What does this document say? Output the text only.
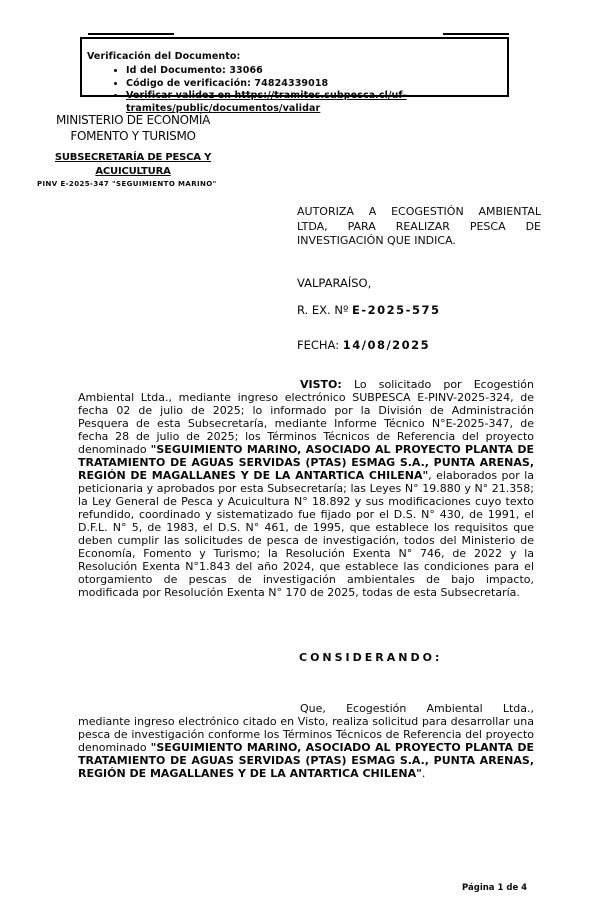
Verificación del Documento:
• Id del Documento: 33066
• Código de verificación: 74824339018
• Verificar validez en https://tramites.subpesca.cl/uf-tramites/public/documentos/validar
MINISTERIO DE ECONOMÍA
FOMENTO Y TURISMO
SUBSECRETARÍA DE PESCA Y
ACUICULTURA
PINV E-2025-347 "SEGUIMIENTO MARINO"
AUTORIZA A ECOGESTIÓN AMBIENTAL LTDA, PARA REALIZAR PESCA DE INVESTIGACIÓN QUE INDICA.
VALPARAÍSO,
R. EX. Nº E-2025-575
FECHA: 14/08/2025

VISTO: Lo solicitado por Ecogestión Ambiental Ltda., mediante ingreso electrónico SUBPESCA E-PINV-2025-324, de fecha 02 de julio de 2025; lo informado por la División de Administración Pesquera de esta Subsecretaría, mediante Informe Técnico N°E-2025-347, de fecha 28 de julio de 2025; los Términos Técnicos de Referencia del proyecto denominado "SEGUIMIENTO MARINO, ASOCIADO AL PROYECTO PLANTA DE TRATAMIENTO DE AGUAS SERVIDAS (PTAS) ESMAG S.A., PUNTA ARENAS, REGIÓN DE MAGALLANES Y DE LA ANTARTICA CHILENA", elaborados por la peticionaria y aprobados por esta Subsecretaría; las Leyes N° 19.880 y N° 21.358; la Ley General de Pesca y Acuicultura N° 18.892 y sus modificaciones cuyo texto refundido, coordinado y sistematizado fue fijado por el D.S. N° 430, de 1991, el D.F.L. N° 5, de 1983, el D.S. N° 461, de 1995, que establece los requisitos que deben cumplir las solicitudes de pesca de investigación, todos del Ministerio de Economía, Fomento y Turismo; la Resolución Exenta N° 746, de 2022 y la Resolución Exenta N°1.843 del año 2024, que establece las condiciones para el otorgamiento de pescas de investigación ambientales de bajo impacto, modificada por Resolución Exenta N° 170 de 2025, todas de esta Subsecretaría.

CONSIDERANDO:

Que, Ecogestión Ambiental Ltda., mediante ingreso electrónico citado en Visto, realiza solicitud para desarrollar una pesca de investigación conforme los Términos Técnicos de Referencia del proyecto denominado "SEGUIMIENTO MARINO, ASOCIADO AL PROYECTO PLANTA DE TRATAMIENTO DE AGUAS SERVIDAS (PTAS) ESMAG S.A., PUNTA ARENAS, REGIÓN DE MAGALLANES Y DE LA ANTARTICA CHILENA".

Página 1 de 4
